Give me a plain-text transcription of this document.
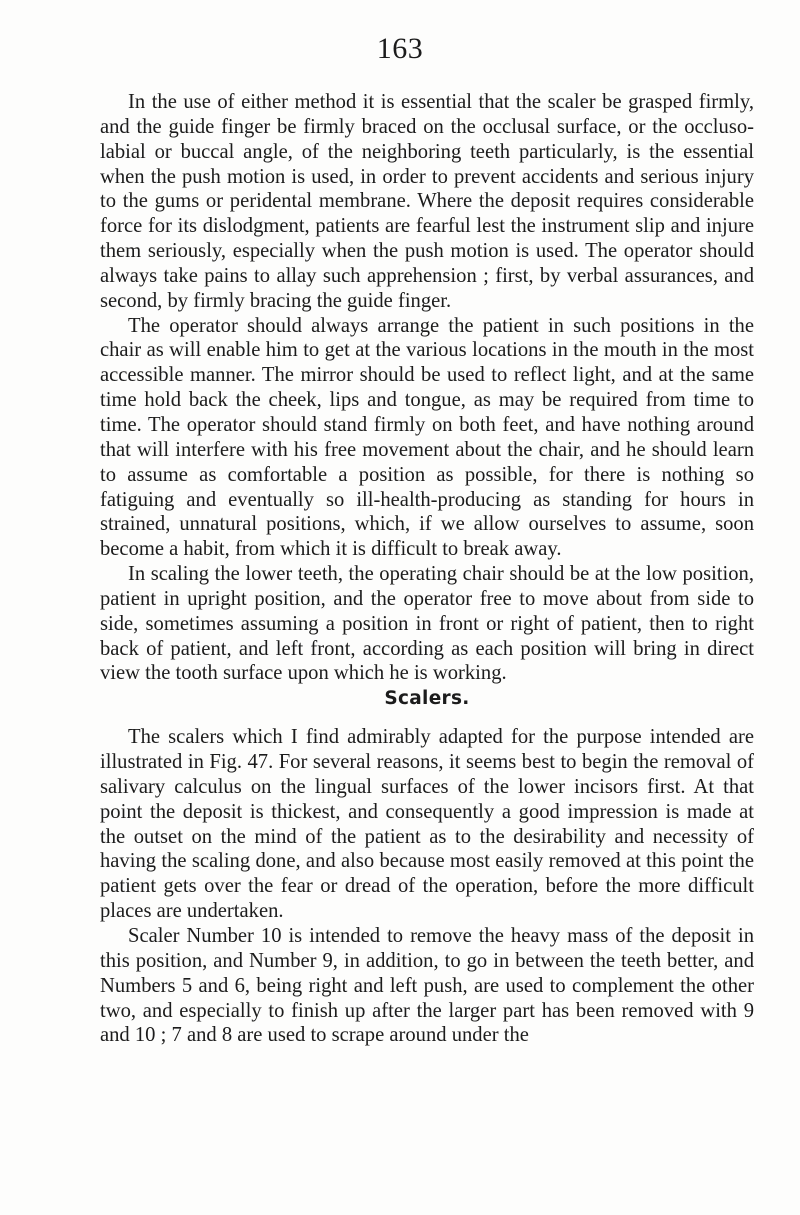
163

In the use of either method it is essential that the scaler be grasped firmly, and the guide finger be firmly braced on the occlusal surface, or the occluso-labial or buccal angle, of the neighboring teeth particularly, is the essential when the push motion is used, in order to prevent accidents and serious injury to the gums or peridental membrane. Where the deposit requires considerable force for its dislodgment, patients are fearful lest the instrument slip and injure them seriously, especially when the push motion is used. The operator should always take pains to allay such apprehension ; first, by verbal assurances, and second, by firmly bracing the guide finger.

The operator should always arrange the patient in such positions in the chair as will enable him to get at the various locations in the mouth in the most accessible manner. The mirror should be used to reflect light, and at the same time hold back the cheek, lips and tongue, as may be required from time to time. The operator should stand firmly on both feet, and have nothing around that will interfere with his free movement about the chair, and he should learn to assume as comfortable a position as possible, for there is nothing so fatiguing and eventually so ill-health-producing as standing for hours in strained, unnatural positions, which, if we allow ourselves to assume, soon become a habit, from which it is difficult to break away.

In scaling the lower teeth, the operating chair should be at the low position, patient in upright position, and the operator free to move about from side to side, sometimes assuming a position in front or right of patient, then to right back of patient, and left front, according as each position will bring in direct view the tooth surface upon which he is working.

Scalers.

The scalers which I find admirably adapted for the purpose intended are illustrated in Fig. 47. For several reasons, it seems best to begin the removal of salivary calculus on the lingual surfaces of the lower incisors first. At that point the deposit is thickest, and consequently a good impression is made at the outset on the mind of the patient as to the desirability and necessity of having the scaling done, and also because most easily removed at this point the patient gets over the fear or dread of the operation, before the more difficult places are undertaken.

Scaler Number 10 is intended to remove the heavy mass of the deposit in this position, and Number 9, in addition, to go in between the teeth better, and Numbers 5 and 6, being right and left push, are used to complement the other two, and especially to finish up after the larger part has been removed with 9 and 10 ; 7 and 8 are used to scrape around under the
